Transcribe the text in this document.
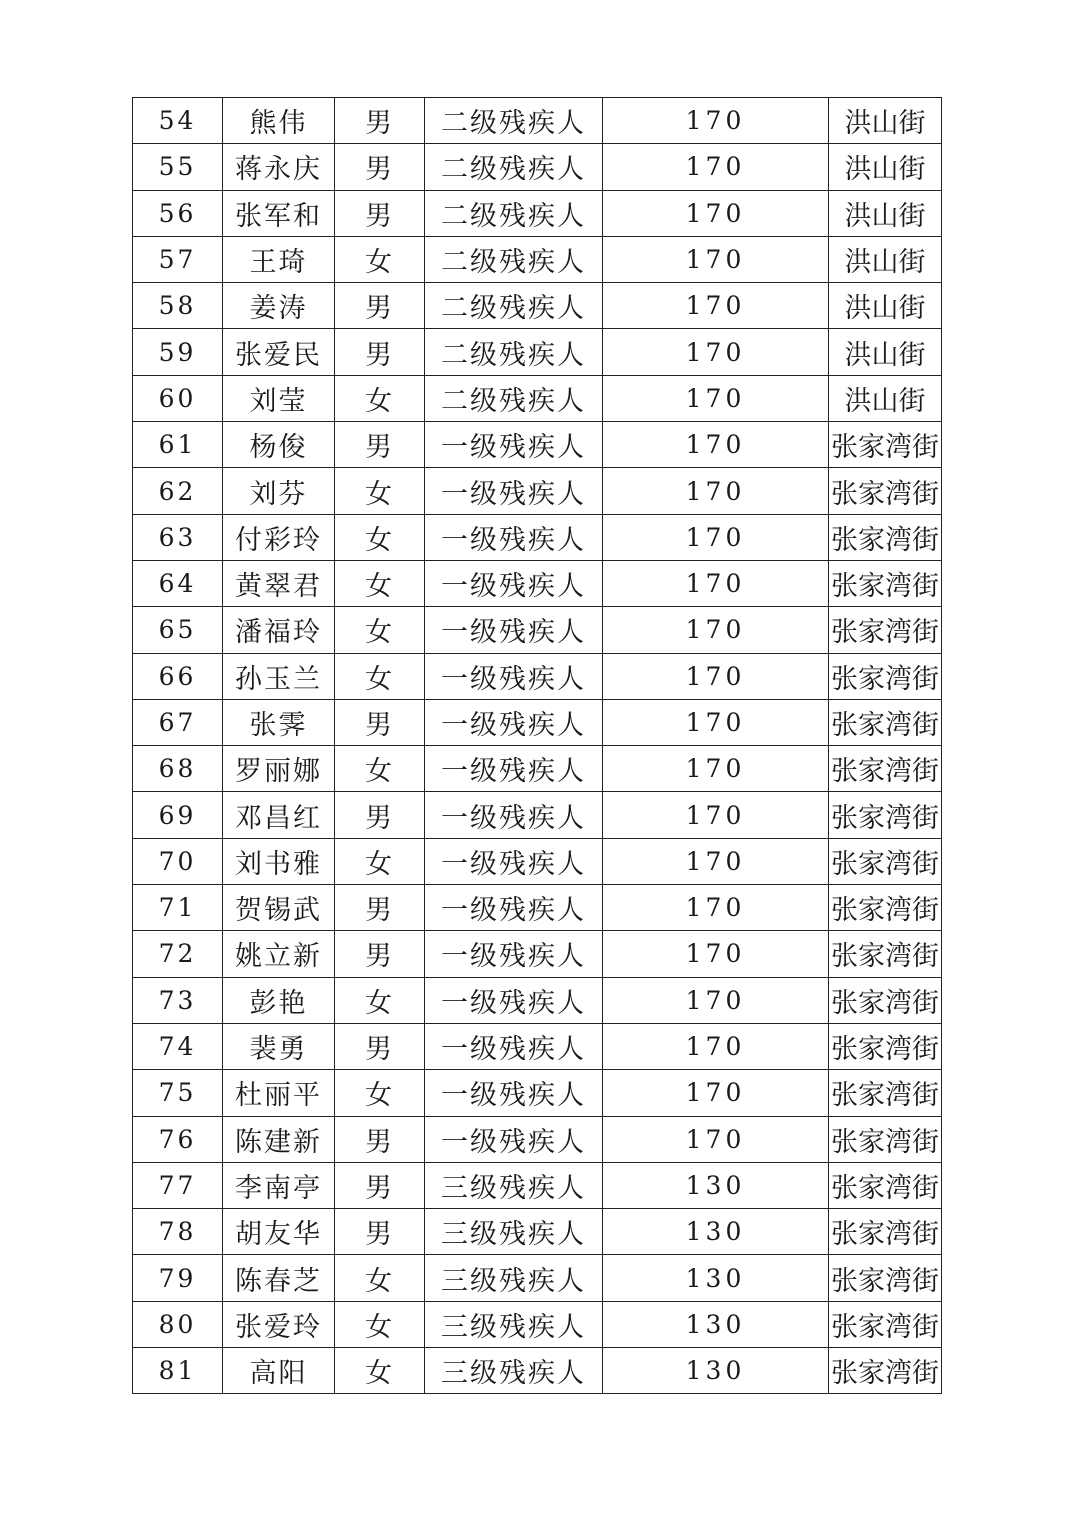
54	熊伟	男	二级残疾人	170	洪山街
55	蒋永庆	男	二级残疾人	170	洪山街
56	张军和	男	二级残疾人	170	洪山街
57	王琦	女	二级残疾人	170	洪山街
58	姜涛	男	二级残疾人	170	洪山街
59	张爱民	男	二级残疾人	170	洪山街
60	刘莹	女	二级残疾人	170	洪山街
61	杨俊	男	一级残疾人	170	张家湾街
62	刘芬	女	一级残疾人	170	张家湾街
63	付彩玲	女	一级残疾人	170	张家湾街
64	黄翠君	女	一级残疾人	170	张家湾街
65	潘福玲	女	一级残疾人	170	张家湾街
66	孙玉兰	女	一级残疾人	170	张家湾街
67	张霁	男	一级残疾人	170	张家湾街
68	罗丽娜	女	一级残疾人	170	张家湾街
69	邓昌红	男	一级残疾人	170	张家湾街
70	刘书雅	女	一级残疾人	170	张家湾街
71	贺锡武	男	一级残疾人	170	张家湾街
72	姚立新	男	一级残疾人	170	张家湾街
73	彭艳	女	一级残疾人	170	张家湾街
74	裴勇	男	一级残疾人	170	张家湾街
75	杜丽平	女	一级残疾人	170	张家湾街
76	陈建新	男	一级残疾人	170	张家湾街
77	李南亭	男	三级残疾人	130	张家湾街
78	胡友华	男	三级残疾人	130	张家湾街
79	陈春芝	女	三级残疾人	130	张家湾街
80	张爱玲	女	三级残疾人	130	张家湾街
81	高阳	女	三级残疾人	130	张家湾街
